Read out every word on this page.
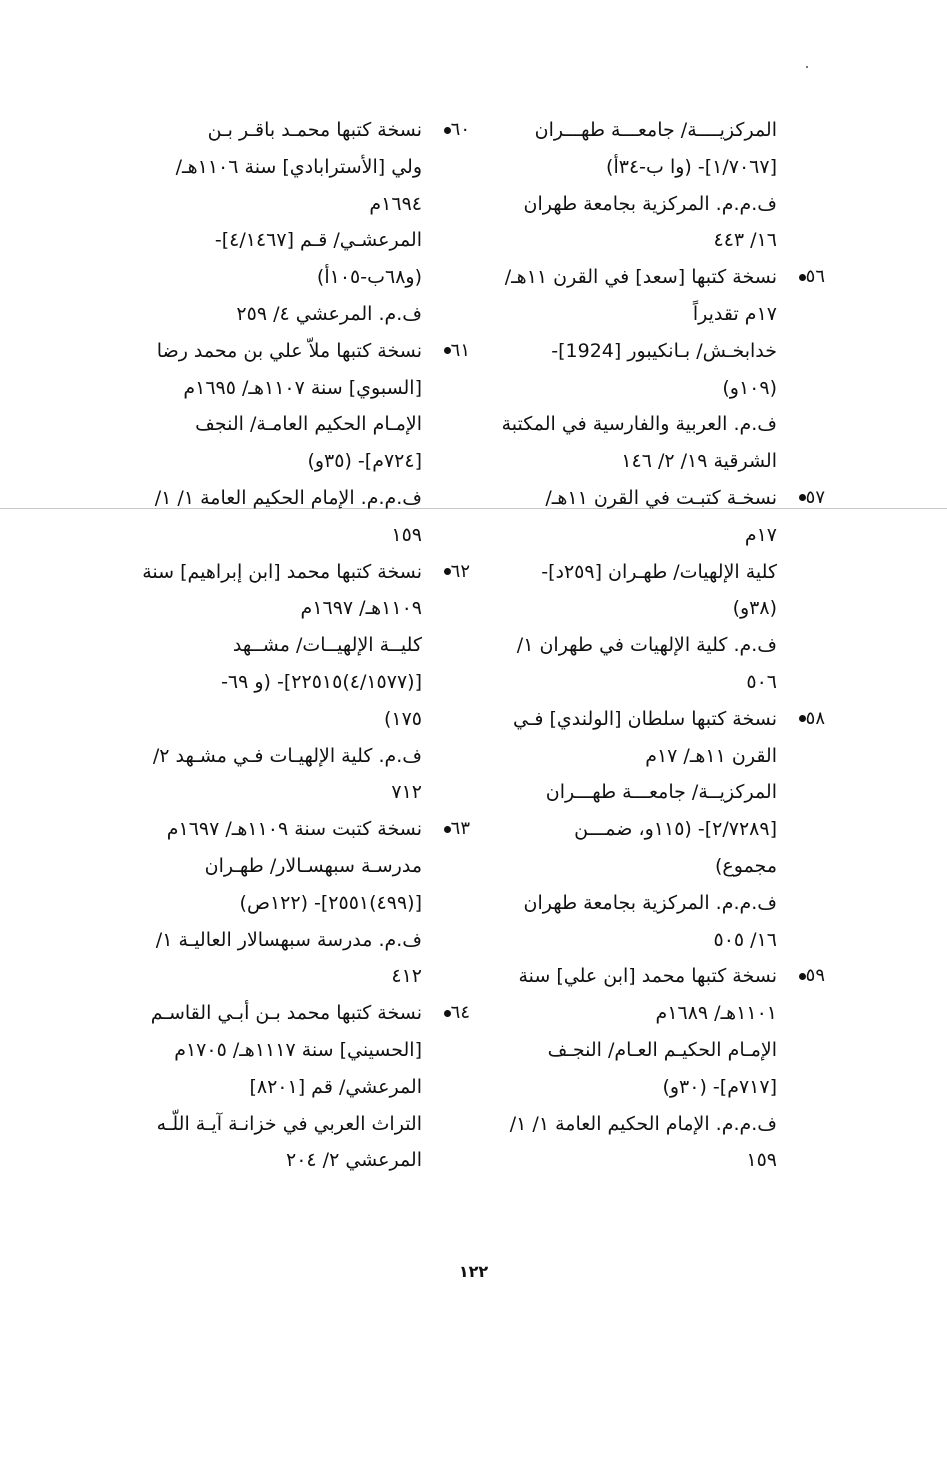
المركزيــــة/ جامعـــة طهـــران
[١/٧٠٦٧]- (وا ب-٣٤أ)
ف.م.م. المركزية بجامعة طهران
١٦/ ٤٤٣
٥٦
نسخة كتبها [سعد] في القرن ١١هـ/
١٧م تقديراً
خدابخـش/ بـانكيبور [1924]-
(١٠٩و)
ف.م. العربية والفارسية في المكتبة
الشرقية ١٩/ ٢/ ١٤٦
٥٧
نسخـة كتبـت في القرن ١١هـ/
١٧م
كلية الإلهيات/ طهـران [٢٥٩د]-
(٣٨و)
ف.م. كلية الإلهيات في طهران ١/
٥٠٦
٥٨
نسخة كتبها سلطان [الولندي] فـي
القرن ١١هـ/ ١٧م
المركزيــة/ جامعـــة طهـــران
[٢/٧٢٨٩]- (١١٥و، ضمـــن
مجموع)
ف.م.م. المركزية بجامعة طهران
١٦/ ٥٠٥
٥٩
نسخة كتبها محمد [ابن علي] سنة
١١٠١هـ/ ١٦٨٩م
الإمـام الحكيـم العـام/ النجـف
[٧١٧م]- (٣٠و)
ف.م.م. الإمام الحكيم العامة ١/ ١/
١٥٩
٦٠
نسخة كتبها محمـد باقـر بـن
ولي [الأسترابادي] سنة ١١٠٦هـ/
١٦٩٤م
المرعشـي/ قـم [٤/١٤٦٧]-
(و٦٨ب-١٠٥أ)
ف.م. المرعشي ٤/ ٢٥٩
٦١
نسخة كتبها ملاّ علي بن محمد رضا
[السبوي] سنة ١١٠٧هـ/ ١٦٩٥م
الإمـام الحكيم العامـة/ النجف
[٧٢٤م]- (٣٥و)
ف.م.م. الإمام الحكيم العامة ١/ ١/
١٥٩
٦٢
نسخة كتبها محمد [ابن إبراهيم] سنة
١١٠٩هـ/ ١٦٩٧م
كليــة الإلهيــات/ مشــهد
[(٤/١٥٧٧)٢٢٥١٥]- (و ٦٩-
١٧٥)
ف.م. كلية الإلهيـات فـي مشـهد ٢/
٧١٢
٦٣
نسخة كتبت سنة ١١٠٩هـ/ ١٦٩٧م
مدرسـة سبهسـالار/ طهـران
[(٤٩٩)٢٥٥١]- (١٢٢ص)
ف.م. مدرسة سبهسالار العاليـة ١/
٤١٢
٦٤
نسخة كتبها محمد بـن أبـي القاسـم
[الحسيني] سنة ١١١٧هـ/ ١٧٠٥م
المرعشي/ قم [٨٢٠١]
التراث العربي في خزانـة آيـة اللّـه
المرعشي ٢/ ٢٠٤
١٢٢
